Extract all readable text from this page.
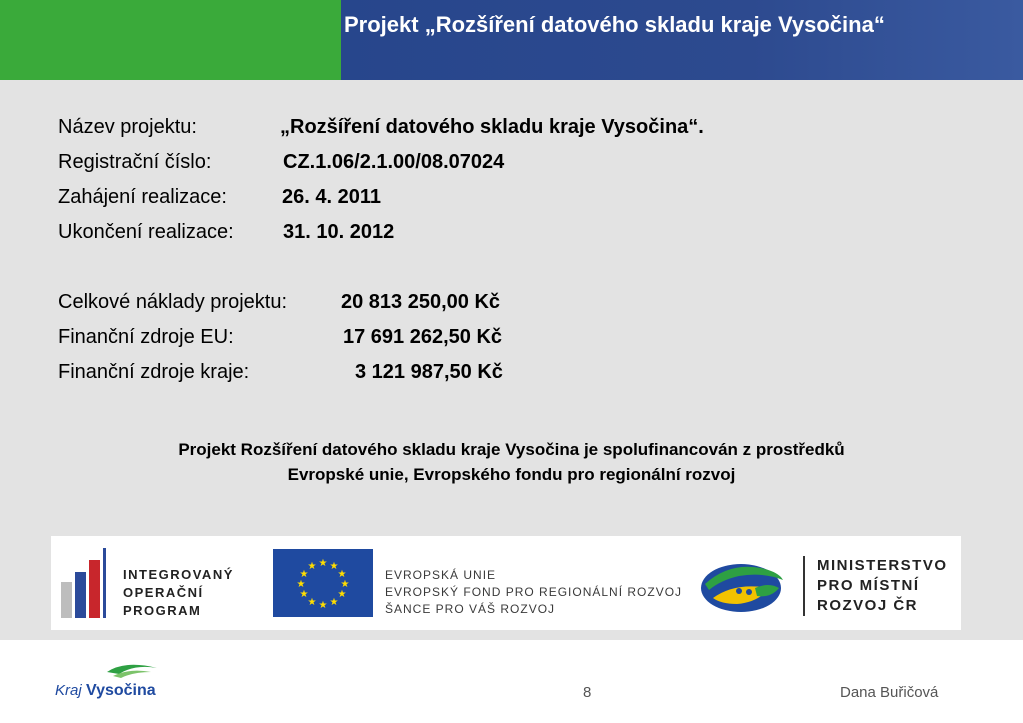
Projekt „Rozšíření datového skladu kraje Vysočina“
Název projektu:	„Rozšíření datového skladu kraje Vysočina“.
Registrační číslo:	CZ.1.06/2.1.00/08.07024
Zahájení realizace:	26. 4. 2011
Ukončení realizace: 31. 10. 2012
Celkové náklady projektu:	20 813 250,00 Kč
Finanční zdroje EU:	17 691 262,50 Kč
Finanční zdroje kraje:	3 121 987,50 Kč
Projekt Rozšíření datového skladu kraje Vysočina je spolufinancován z prostředků
Evropské unie, Evropského fondu pro regionální rozvoj
INTEGROVANÝ
OPERAČNÍ
PROGRAM
★ ★
★
★
★
★
★
★
★
★
★
★
EVROPSKÁ UNIE
EVROPSKÝ FOND PRO REGIONÁLNÍ ROZVOJ
ŠANCE PRO VÁŠ ROZVOJ
MINISTERSTVO
PRO MÍSTNÍ
ROZVOJ ČR
Kraj Vysočina	8	Dana Buřičová
